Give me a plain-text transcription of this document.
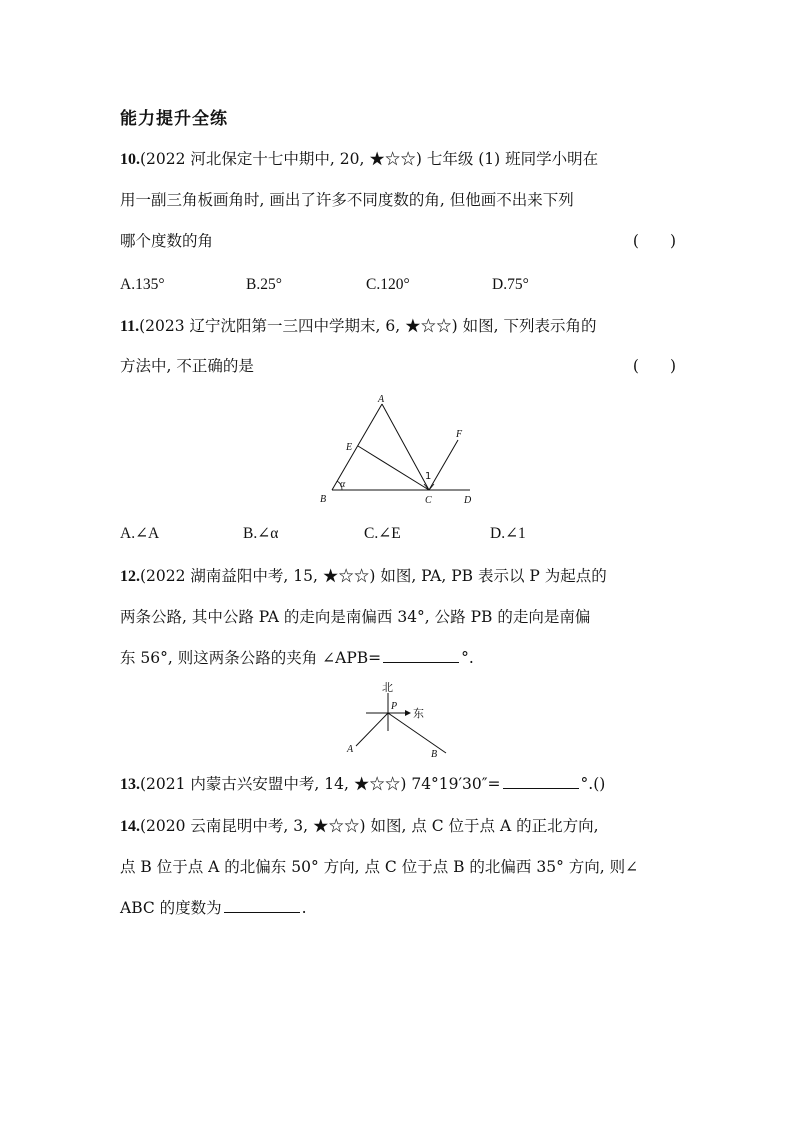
能力提升全练
10.(2022 河北保定十七中期中, 20, ★☆☆) 七年级 (1) 班同学小明在
用一副三角板画角时, 画出了许多不同度数的角, 但他画不出来下列
哪个度数的角	(  )
A.135°	B.25°	C.120°	D.75°
11.(2023 辽宁沈阳第一三四中学期末, 6, ★☆☆) 如图, 下列表示角的
方法中, 不正确的是	(  )
A
B	C	D
E
F
α
1
A.∠A	B.∠α	C.∠E	D.∠1
12.(2022 湖南益阳中考, 15, ★☆☆) 如图, PA, PB 表示以 P 为起点的
两条公路, 其中公路 PA 的走向是南偏西 34°, 公路 PB 的走向是南偏
东 56°, 则这两条公路的夹角 ∠APB=	°.
北
东
P
A	B
13.(2021 内蒙古兴安盟中考, 14, ★☆☆) 74°19′30″=	°.()
14.(2020 云南昆明中考, 3, ★☆☆) 如图, 点 C 位于点 A 的正北方向,
点 B 位于点 A 的北偏东 50° 方向, 点 C 位于点 B 的北偏西 35° 方向, 则∠
ABC 的度数为	.
